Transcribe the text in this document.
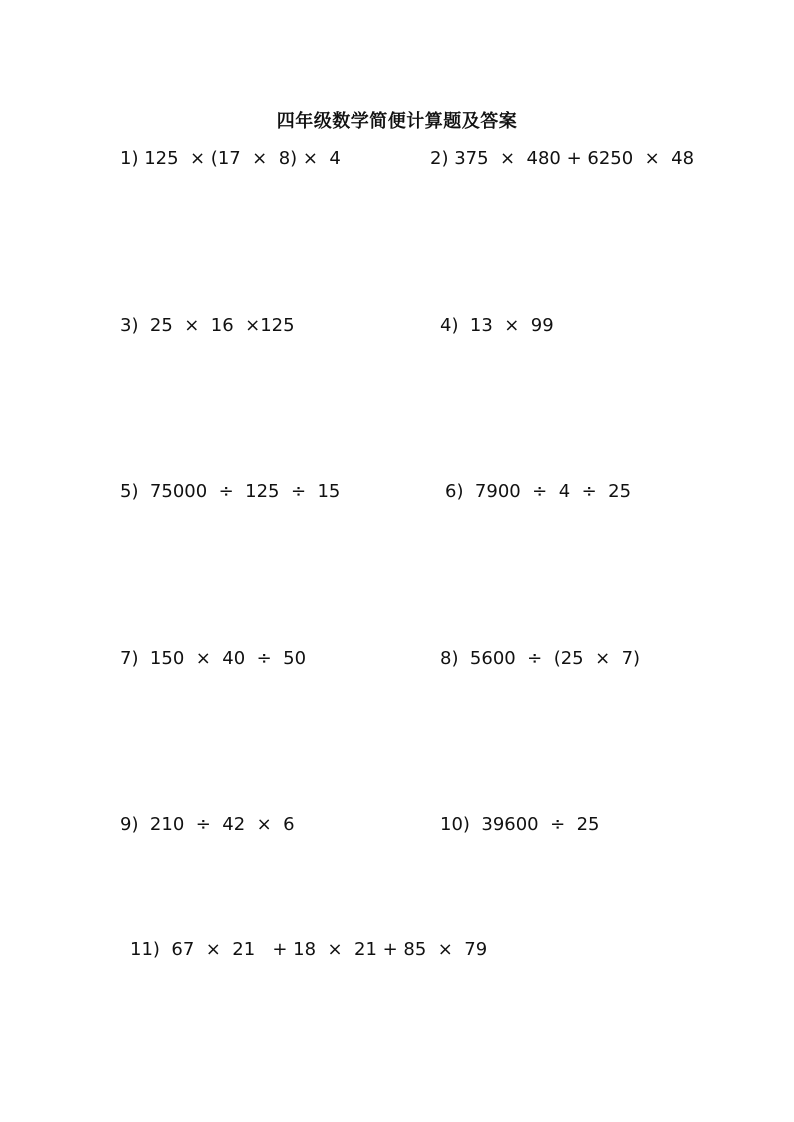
四年级数学简便计算题及答案
1) 125  × (17  ×  8) ×  4	2) 375  ×  480 + 6250  ×  48
3)  25  ×  16  ×125	4)  13  ×  99
5)  75000  ÷  125  ÷  15	6)  7900  ÷  4  ÷  25
7)  150  ×  40  ÷  50	8)  5600  ÷  (25  ×  7)
9)  210  ÷  42  ×  6	10)  39600  ÷  25
11)  67  ×  21   + 18  ×  21 + 85  ×  79
